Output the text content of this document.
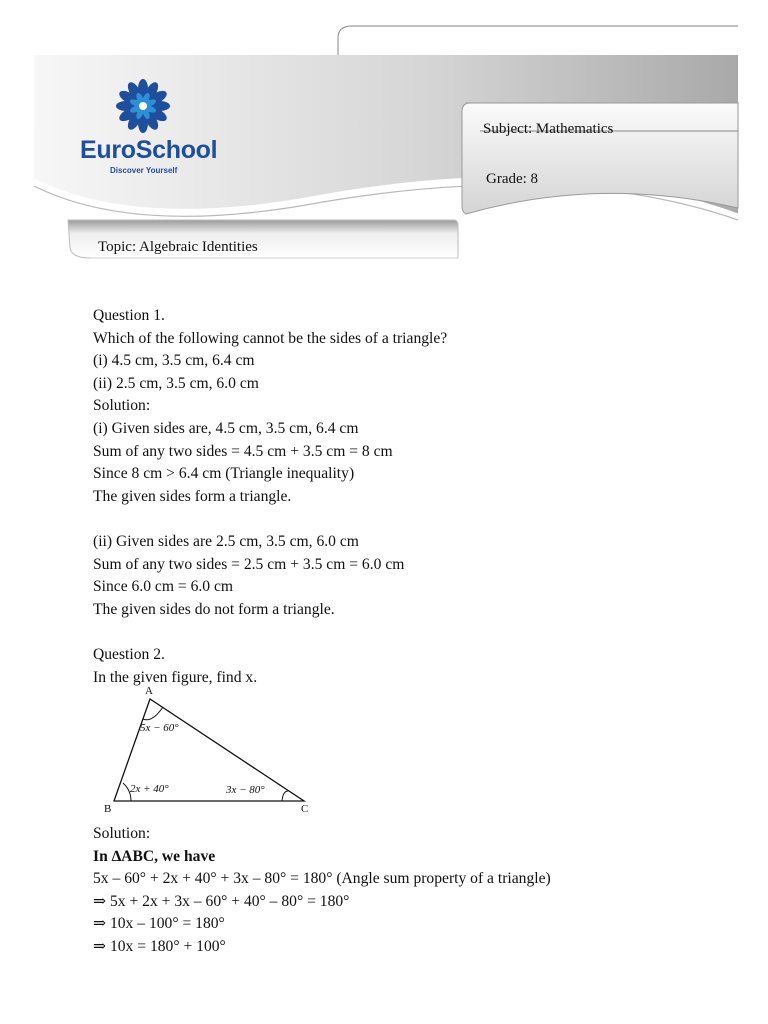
EuroSchool
Discover Yourself
Subject: Mathematics
Grade: 8
Topic: Algebraic Identities
Question 1.
Which of the following cannot be the sides of a triangle?
(i) 4.5 cm, 3.5 cm, 6.4 cm
(ii) 2.5 cm, 3.5 cm, 6.0 cm
Solution:
(i) Given sides are, 4.5 cm, 3.5 cm, 6.4 cm
Sum of any two sides = 4.5 cm + 3.5 cm = 8 cm
Since 8 cm > 6.4 cm (Triangle inequality)
The given sides form a triangle.
(ii) Given sides are 2.5 cm, 3.5 cm, 6.0 cm
Sum of any two sides = 2.5 cm + 3.5 cm = 6.0 cm
Since 6.0 cm = 6.0 cm
The given sides do not form a triangle.
Question 2.
In the given figure, find x.
A
B	C
5x − 60°
2x + 40°	3x − 80°
Solution:
In ∆ABC, we have
5x – 60° + 2x + 40° + 3x – 80° = 180° (Angle sum property of a triangle)
⇒ 5x + 2x + 3x – 60° + 40° – 80° = 180°
⇒ 10x – 100° = 180°
⇒ 10x = 180° + 100°
